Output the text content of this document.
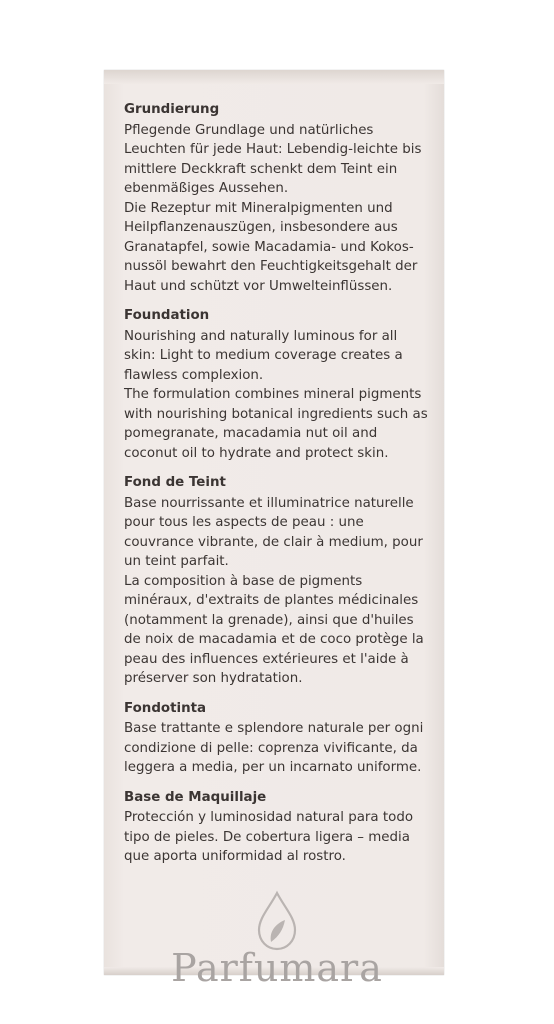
Grundierung
Pflegende Grundlage und natürliches Leuchten für jede Haut: Lebendig-leichte bis mittlere Deckkraft schenkt dem Teint ein ebenmäßiges Aussehen.
Die Rezeptur mit Mineralpigmenten und Heilpflanzenauszügen, insbesondere aus Granatapfel, sowie Macadamia- und Kokos-nussöl bewahrt den Feuchtigkeitsgehalt der Haut und schützt vor Umwelteinflüssen.
Foundation
Nourishing and naturally luminous for all skin: Light to medium coverage creates a flawless complexion.
The formulation combines mineral pigments with nourishing botanical ingredients such as pomegranate, macadamia nut oil and coconut oil to hydrate and protect skin.
Fond de Teint
Base nourrissante et illuminatrice naturelle pour tous les aspects de peau : une couvrance vibrante, de clair à medium, pour un teint parfait.
La composition à base de pigments minéraux, d'extraits de plantes médicinales (notamment la grenade), ainsi que d'huiles de noix de macadamia et de coco protège la peau des influences extérieures et l'aide à préserver son hydratation.
Fondotinta
Base trattante e splendore naturale per ogni condizione di pelle: coprenza vivificante, da leggera a media, per un incarnato uniforme.
Base de Maquillaje
Protección y luminosidad natural para todo tipo de pieles. De cobertura ligera – media que aporta uniformidad al rostro.
Parfumara
